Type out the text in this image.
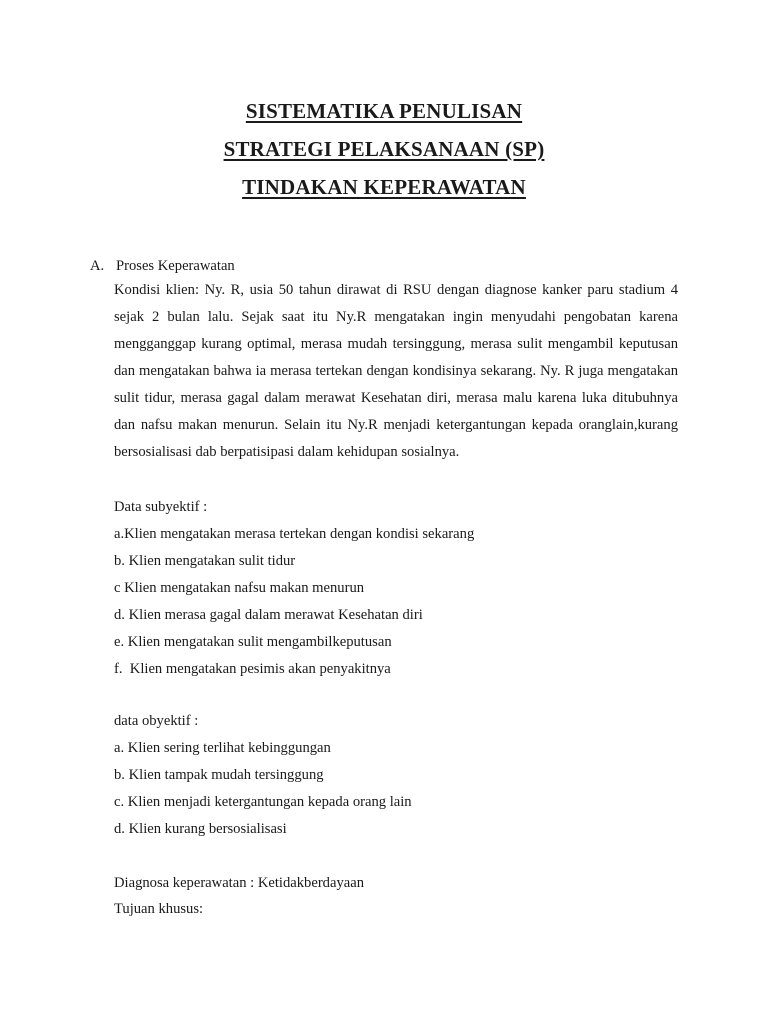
SISTEMATIKA PENULISAN
STRATEGI PELAKSANAAN (SP)
TINDAKAN KEPERAWATAN
A. Proses Keperawatan
Kondisi klien: Ny. R, usia 50 tahun dirawat di RSU dengan diagnose kanker paru stadium 4 sejak 2 bulan lalu. Sejak saat itu Ny.R mengatakan ingin menyudahi pengobatan karena mengganggap kurang optimal, merasa mudah tersinggung, merasa sulit mengambil keputusan dan mengatakan bahwa ia merasa tertekan dengan kondisinya sekarang. Ny. R juga mengatakan sulit tidur, merasa gagal dalam merawat Kesehatan diri, merasa malu karena luka ditubuhnya dan nafsu makan menurun. Selain itu Ny.R menjadi ketergantungan kepada oranglain,kurang bersosialisasi dab berpatisipasi dalam kehidupan sosialnya.
Data subyektif :
a.Klien mengatakan merasa tertekan dengan kondisi sekarang
b. Klien mengatakan sulit tidur
c Klien mengatakan nafsu makan menurun
d. Klien merasa gagal dalam merawat Kesehatan diri
e. Klien mengatakan sulit mengambilkeputusan
f.  Klien mengatakan pesimis akan penyakitnya
data obyektif :
a. Klien sering terlihat kebinggungan
b. Klien tampak mudah tersinggung
c. Klien menjadi ketergantungan kepada orang lain
d. Klien kurang bersosialisasi
Diagnosa keperawatan : Ketidakberdayaan
Tujuan khusus:
